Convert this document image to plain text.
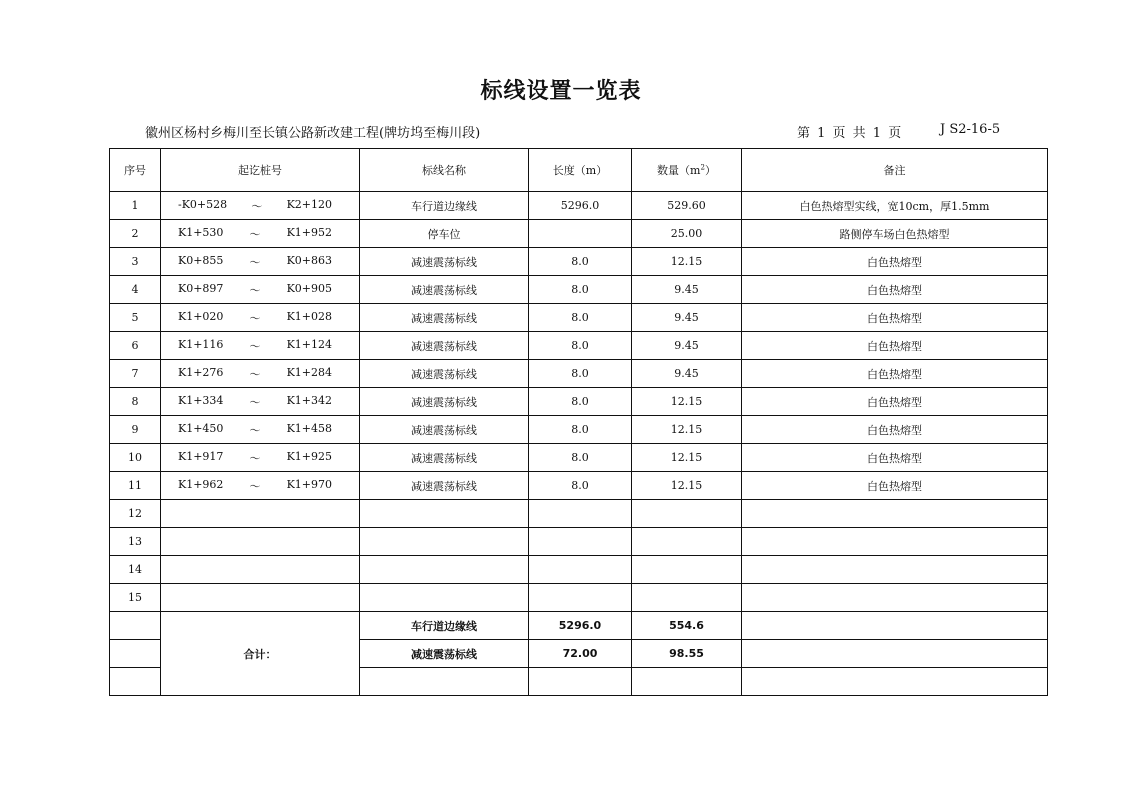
标线设置一览表
徽州区杨村乡梅川至长镇公路新改建工程(牌坊坞至梅川段)	第 1 页 共 1 页	J S2-16-5
序号	起讫桩号	标线名称	长度（m）	数量$(m^2)$	备注
1	-K0+528 ～ K2+120	车行道边缘线	5296.0	529.60	白色热熔型实线，宽10cm，厚1.5mm
2	K1+530 ～ K1+952	停车位		25.00	路侧停车场白色热熔型
3	K0+855 ～ K0+863	减速震荡标线	8.0	12.15	白色热熔型
4	K0+897 ～ K0+905	减速震荡标线	8.0	9.45	白色热熔型
5	K1+020 ～ K1+028	减速震荡标线	8.0	9.45	白色热熔型
6	K1+116 ～ K1+124	减速震荡标线	8.0	9.45	白色热熔型
7	K1+276 ～ K1+284	减速震荡标线	8.0	9.45	白色热熔型
8	K1+334 ～ K1+342	减速震荡标线	8.0	12.15	白色热熔型
9	K1+450 ～ K1+458	减速震荡标线	8.0	12.15	白色热熔型
10	K1+917 ～ K1+925	减速震荡标线	8.0	12.15	白色热熔型
11	K1+962 ～ K1+970	减速震荡标线	8.0	12.15	白色热熔型
12					
13					
14					
15					
	合计：	车行道边缘线	5296.0	554.6	
		减速震荡标线	72.00	98.55	
